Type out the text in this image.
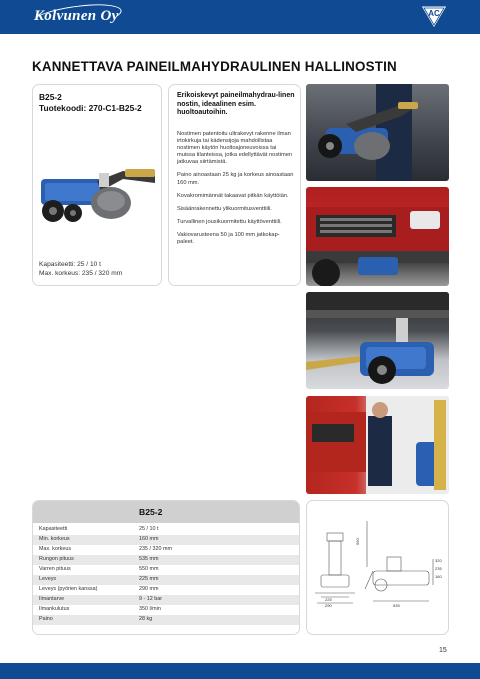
Kolvunen Oy	AC
KANNETTAVA PAINEILMAHYDRAULINEN HALLINOSTIN
B25-2
Tuotekoodi: 270-C1-B25-2
Kapasiteetti: 25 / 10 t
Max. korkeus: 235 / 320 mm
Erikoiskevyt paineilmahydrau-linen nostin, ideaalinen esim. huoltoautoihin.

Nostimen patentoitu ultrakevyt rakenne ilman irtokirkuja tai kädensijoja mahdollistaa nostimen käytön huoltoajoneuvoissa tai muissa tilanteissa, jotka edellyttävät nostimen jatkuvaa siirtämistä.

Paino ainoastaan 25 kg ja korkeus ainoastaan 160 mm.

Kovakromimännät takaavat pitkän käyttöiän.

Sisäänrakennettu ylikuormitusventtiili.

Turvallinen jousikuormitettu käyttöventtiili.

Vakiovarusteena 50 ja 100 mm jatkokap-paleet.

B25-2
Kapasiteetti	25 / 10 t
Min. korkeus	160 mm
Max. korkeus	235 / 320 mm
Rungon pituus	535 mm
Varren pituus	550 mm
Leveys	225 mm
Leveys (pyörien kanssa)	290 mm
Ilmantarve	9 - 12 bar
Ilmankulutus	350 l/min
Paino	28 kg
320
235
160
225
290	535
560
15
